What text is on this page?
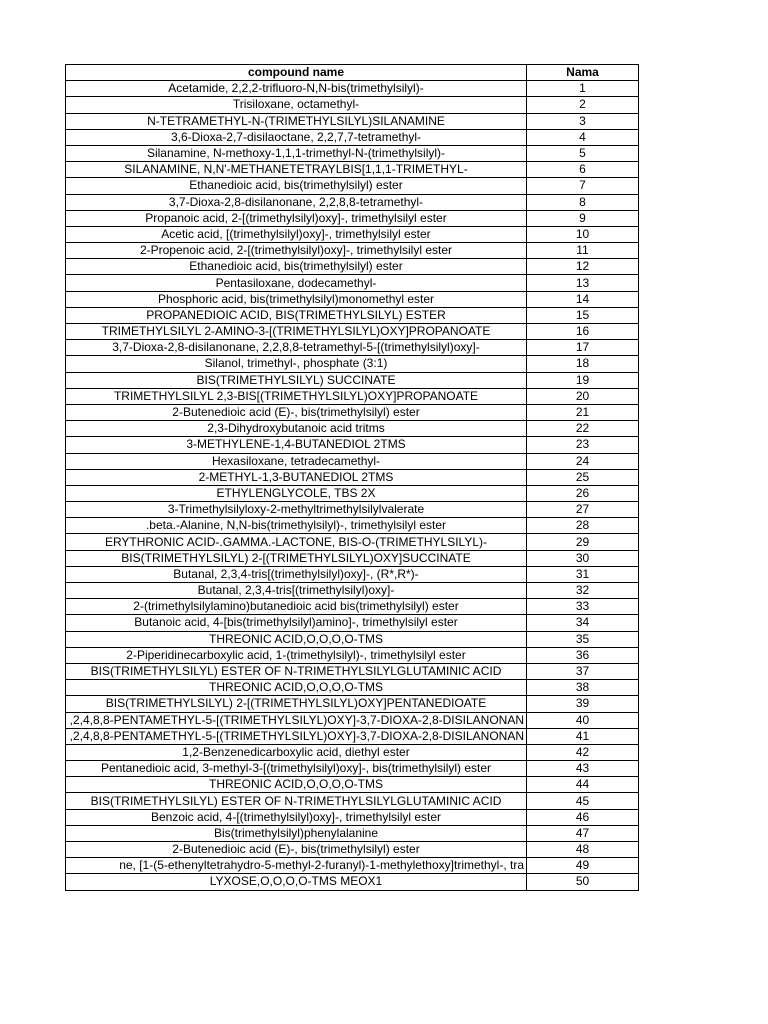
compound name	Nama
Acetamide, 2,2,2-trifluoro-N,N-bis(trimethylsilyl)-	1
Trisiloxane, octamethyl-	2
N-TETRAMETHYL-N-(TRIMETHYLSILYL)SILANAMINE	3
3,6-Dioxa-2,7-disilaoctane, 2,2,7,7-tetramethyl-	4
Silanamine, N-methoxy-1,1,1-trimethyl-N-(trimethylsilyl)-	5
SILANAMINE, N,N'-METHANETETRAYLBIS[1,1,1-TRIMETHYL-	6
Ethanedioic acid, bis(trimethylsilyl) ester	7
3,7-Dioxa-2,8-disilanonane, 2,2,8,8-tetramethyl-	8
Propanoic acid, 2-[(trimethylsilyl)oxy]-, trimethylsilyl ester	9
Acetic acid, [(trimethylsilyl)oxy]-, trimethylsilyl ester	10
2-Propenoic acid, 2-[(trimethylsilyl)oxy]-, trimethylsilyl ester	11
Ethanedioic acid, bis(trimethylsilyl) ester	12
Pentasiloxane, dodecamethyl-	13
Phosphoric acid, bis(trimethylsilyl)monomethyl ester	14
PROPANEDIOIC ACID, BIS(TRIMETHYLSILYL) ESTER	15
TRIMETHYLSILYL 2-AMINO-3-[(TRIMETHYLSILYL)OXY]PROPANOATE	16
3,7-Dioxa-2,8-disilanonane, 2,2,8,8-tetramethyl-5-[(trimethylsilyl)oxy]-	17
Silanol, trimethyl-, phosphate (3:1)	18
BIS(TRIMETHYLSILYL) SUCCINATE	19
TRIMETHYLSILYL 2,3-BIS[(TRIMETHYLSILYL)OXY]PROPANOATE	20
2-Butenedioic acid (E)-, bis(trimethylsilyl) ester	21
2,3-Dihydroxybutanoic acid tritms	22
3-METHYLENE-1,4-BUTANEDIOL 2TMS	23
Hexasiloxane, tetradecamethyl-	24
2-METHYL-1,3-BUTANEDIOL 2TMS	25
ETHYLENGLYCOLE, TBS 2X	26
3-Trimethylsilyloxy-2-methyltrimethylsilylvalerate	27
.beta.-Alanine, N,N-bis(trimethylsilyl)-, trimethylsilyl ester	28
ERYTHRONIC ACID-.GAMMA.-LACTONE, BIS-O-(TRIMETHYLSILYL)-	29
BIS(TRIMETHYLSILYL) 2-[(TRIMETHYLSILYL)OXY]SUCCINATE	30
Butanal, 2,3,4-tris[(trimethylsilyl)oxy]-, (R*,R*)-	31
Butanal, 2,3,4-tris[(trimethylsilyl)oxy]-	32
2-(trimethylsilylamino)butanedioic acid bis(trimethylsilyl) ester	33
Butanoic acid, 4-[bis(trimethylsilyl)amino]-, trimethylsilyl ester	34
THREONIC ACID,O,O,O,O-TMS	35
2-Piperidinecarboxylic acid, 1-(trimethylsilyl)-, trimethylsilyl ester	36
BIS(TRIMETHYLSILYL) ESTER OF N-TRIMETHYLSILYLGLUTAMINIC ACID	37
THREONIC ACID,O,O,O,O-TMS	38
BIS(TRIMETHYLSILYL) 2-[(TRIMETHYLSILYL)OXY]PENTANEDIOATE	39
,2,4,8,8-PENTAMETHYL-5-[(TRIMETHYLSILYL)OXY]-3,7-DIOXA-2,8-DISILANONAN	40
,2,4,8,8-PENTAMETHYL-5-[(TRIMETHYLSILYL)OXY]-3,7-DIOXA-2,8-DISILANONAN	41
1,2-Benzenedicarboxylic acid, diethyl ester	42
Pentanedioic acid, 3-methyl-3-[(trimethylsilyl)oxy]-, bis(trimethylsilyl) ester	43
THREONIC ACID,O,O,O,O-TMS	44
BIS(TRIMETHYLSILYL) ESTER OF N-TRIMETHYLSILYLGLUTAMINIC ACID	45
Benzoic acid, 4-[(trimethylsilyl)oxy]-, trimethylsilyl ester	46
Bis(trimethylsilyl)phenylalanine	47
2-Butenedioic acid (E)-, bis(trimethylsilyl) ester	48
ne, [1-(5-ethenyltetrahydro-5-methyl-2-furanyl)-1-methylethoxy]trimethyl-, tra	49
LYXOSE,O,O,O,O-TMS MEOX1	50
